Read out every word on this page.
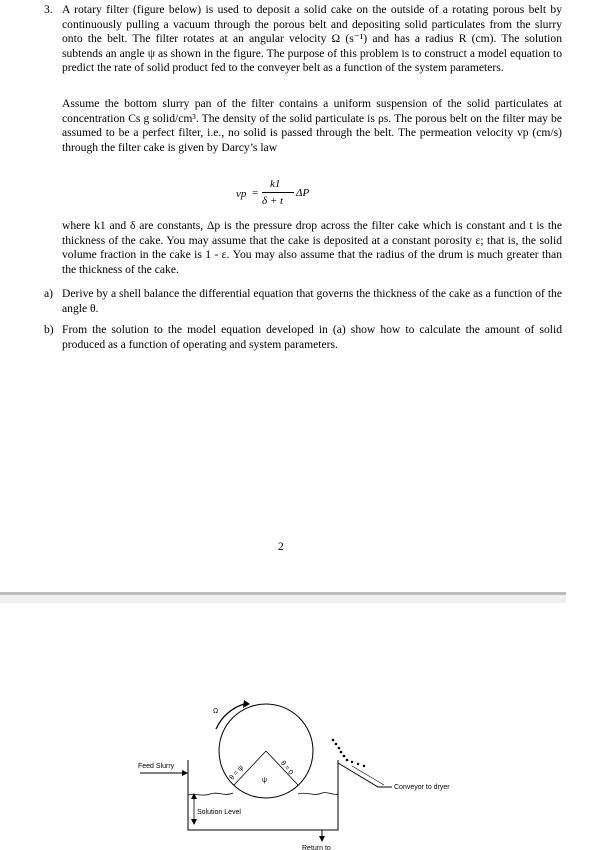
3. A rotary filter (figure below) is used to deposit a solid cake on the outside of a rotating porous belt by continuously pulling a vacuum through the porous belt and depositing solid particulates from the slurry onto the belt. The filter rotates at an angular velocity Ω (s⁻¹) and has a radius R (cm). The solution subtends an angle ψ as shown in the figure. The purpose of this problem is to construct a model equation to predict the rate of solid product fed to the conveyer belt as a function of the system parameters.

Assume the bottom slurry pan of the filter contains a uniform suspension of the solid particulates at concentration Cs g solid/cm³. The density of the solid particulate is ρs. The porous belt on the filter may be assumed to be a perfect filter, i.e., no solid is passed through the belt. The permeation velocity vp (cm/s) through the filter cake is given by Darcy’s law

vp =
k1
δ + t
ΔP

where k1 and δ are constants, Δp is the pressure drop across the filter cake which is constant and t is the thickness of the cake. You may assume that the cake is deposited at a constant porosity ε; that is, the solid volume fraction in the cake is 1 - ε. You may also assume that the radius of the drum is much greater than the thickness of the cake.

a) Derive by a shell balance the differential equation that governs the thickness of the cake as a function of the angle θ.

b) From the solution to the model equation developed in (a) show how to calculate the amount of solid produced as a function of operating and system parameters.

2
Ω
Feed Slurry
Solution Level
Conveyor to dryer
Return to
θ = ψ	θ = 0
ψ
